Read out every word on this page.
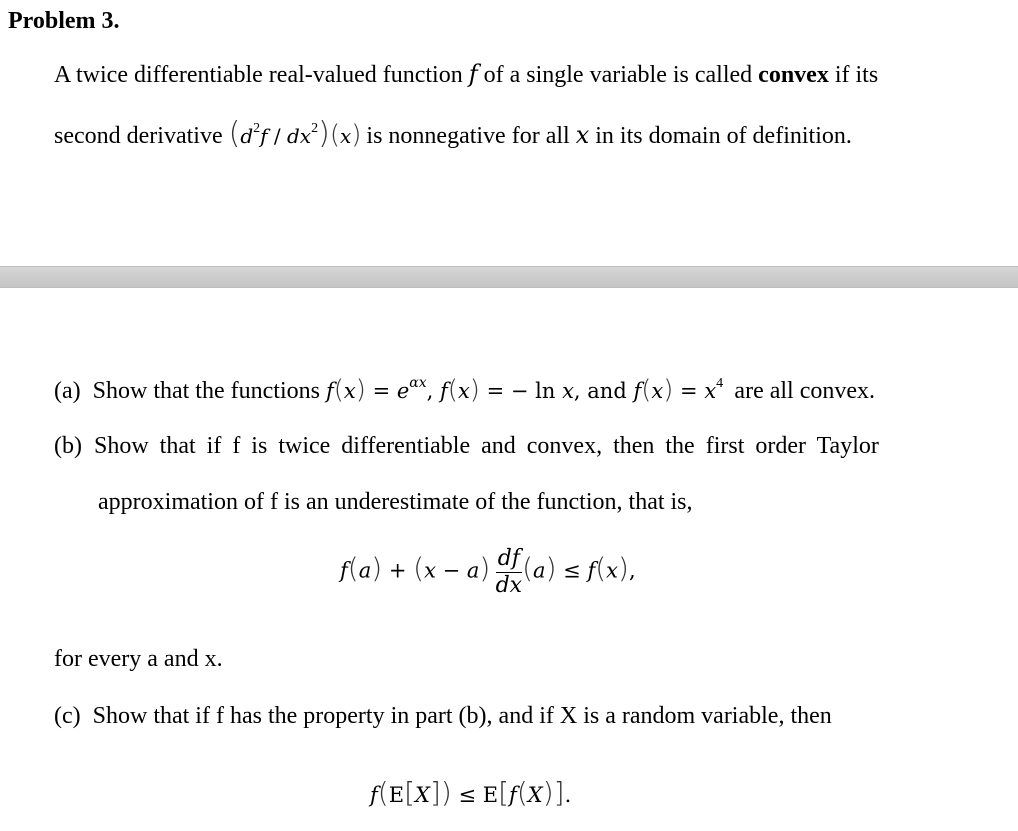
Problem 3.
A twice differentiable real-valued function f of a single variable is called convex if its
second derivative $(d^2f / dx^2)(x)$ is nonnegative for all x in its domain of definition.
(a) Show that the functions $f(x) = e^{\alpha x}$, f(x) = − ln x, and $f(x) = x^4$ are all convex.
(b) Show that if f is twice differentiable and convex, then the first order Taylor
approximation of f is an underestimate of the function, that is,
$f(a) + (x - a) \frac{df}{dx} (a) \le f(x)$,
for every a and x.
(c) Show that if f has the property in part (b), and if X is a random variable, then
f(E[X]) ≤ E[f(X)].
